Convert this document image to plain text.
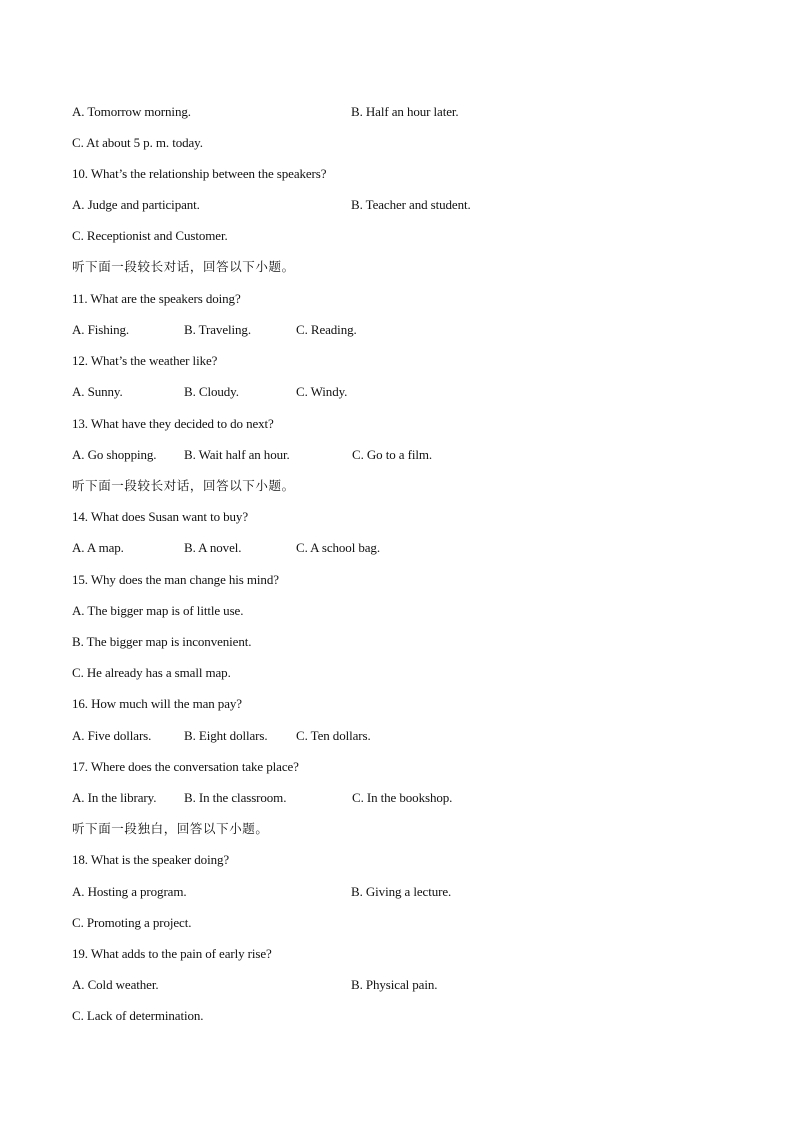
A. Tomorrow morning.	B. Half an hour later.
C. At about 5 p. m. today.
10. What’s the relationship between the speakers?
A. Judge and participant.	B. Teacher and student.
C. Receptionist and Customer.
听下面一段较长对话，回答以下小题。
11. What are the speakers doing?
A. Fishing.	B. Traveling.	C. Reading.
12. What’s the weather like?
A. Sunny.	B. Cloudy.	C. Windy.
13. What have they decided to do next?
A. Go shopping. B. Wait half an hour.	C. Go to a film.
听下面一段较长对话，回答以下小题。
14. What does Susan want to buy?
A. A map.	B. A novel.	C. A school bag.
15. Why does the man change his mind?
A. The bigger map is of little use.
B. The bigger map is inconvenient.
C. He already has a small map.
16. How much will the man pay?
A. Five dollars.	B. Eight dollars. C. Ten dollars.
17. Where does the conversation take place?
A. In the library. B. In the classroom.	C. In the bookshop.
听下面一段独白，回答以下小题。
18. What is the speaker doing?
A. Hosting a program.	B. Giving a lecture.
C. Promoting a project.
19. What adds to the pain of early rise?
A. Cold weather.	B. Physical pain.
C. Lack of determination.
